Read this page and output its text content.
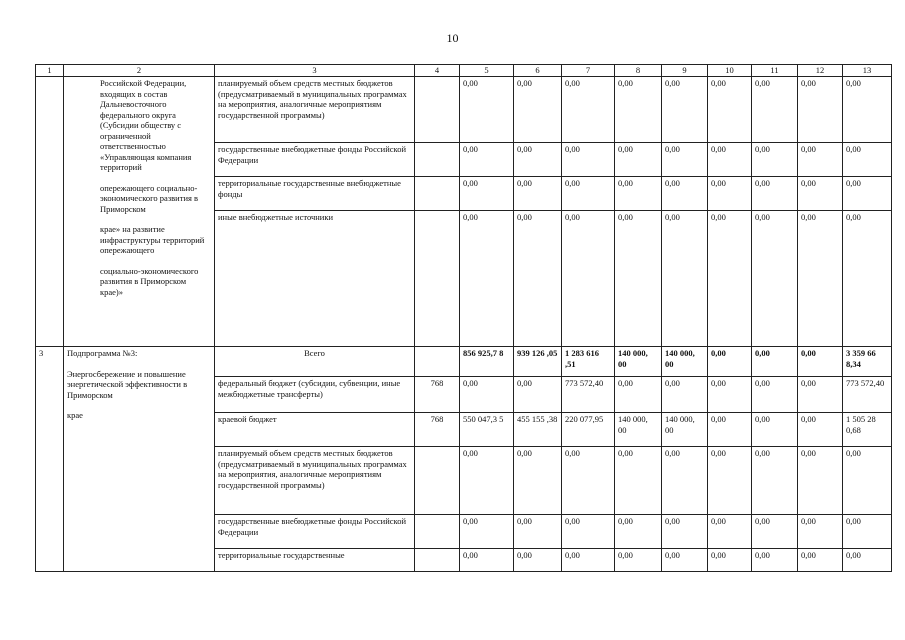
10
1	2	3	4	5	6	7	8	9	10	11	12	13

	Российской Федерации, входящих в состав Дальневосточного федерального округа (Субсидии обществу с ограниченной ответственностью «Управляющая компания территорий
опережающего социально-экономического развития в Приморском
крае» на развитие инфраструктуры территорий опережающего
социально-экономического развития в Приморском крае)»	планируемый объем средств местных бюджетов (предусматриваемый в муниципальных программах на мероприятия, аналогичные мероприятиям государственной программы)		0,00	0,00	0,00	0,00	0,00	0,00	0,00	0,00	0,00
		государственные внебюджетные фонды Российской Федерации		0,00	0,00	0,00	0,00	0,00	0,00	0,00	0,00	0,00
		территориальные государственные внебюджетные фонды		0,00	0,00	0,00	0,00	0,00	0,00	0,00	0,00	0,00
		иные внебюджетные источники		0,00	0,00	0,00	0,00	0,00	0,00	0,00	0,00	0,00
3	Подпрограмма №3:
Энергосбережение и повышение энергетической эффективности в Приморском
крае	Всего		856 925,7 8	939 126 ,05	1 283 616 ,51	140 000, 00	140 000, 00	0,00	0,00	0,00	3 359 66 8,34
		федеральный бюджет (субсидии, субвенции, иные межбюджетные трансферты)	768	0,00	0,00	773 572,40	0,00	0,00	0,00	0,00	0,00	773 572,40
		краевой бюджет	768	550 047,3 5	455 155 ,38	220 077,95	140 000, 00	140 000, 00	0,00	0,00	0,00	1 505 28 0,68
		планируемый объем средств местных бюджетов (предусматриваемый в муниципальных программах на мероприятия, аналогичные мероприятиям государственной программы)		0,00	0,00	0,00	0,00	0,00	0,00	0,00	0,00	0,00
		государственные внебюджетные фонды Российской Федерации		0,00	0,00	0,00	0,00	0,00	0,00	0,00	0,00	0,00
		территориальные государственные		0,00	0,00	0,00	0,00	0,00	0,00	0,00	0,00	0,00
